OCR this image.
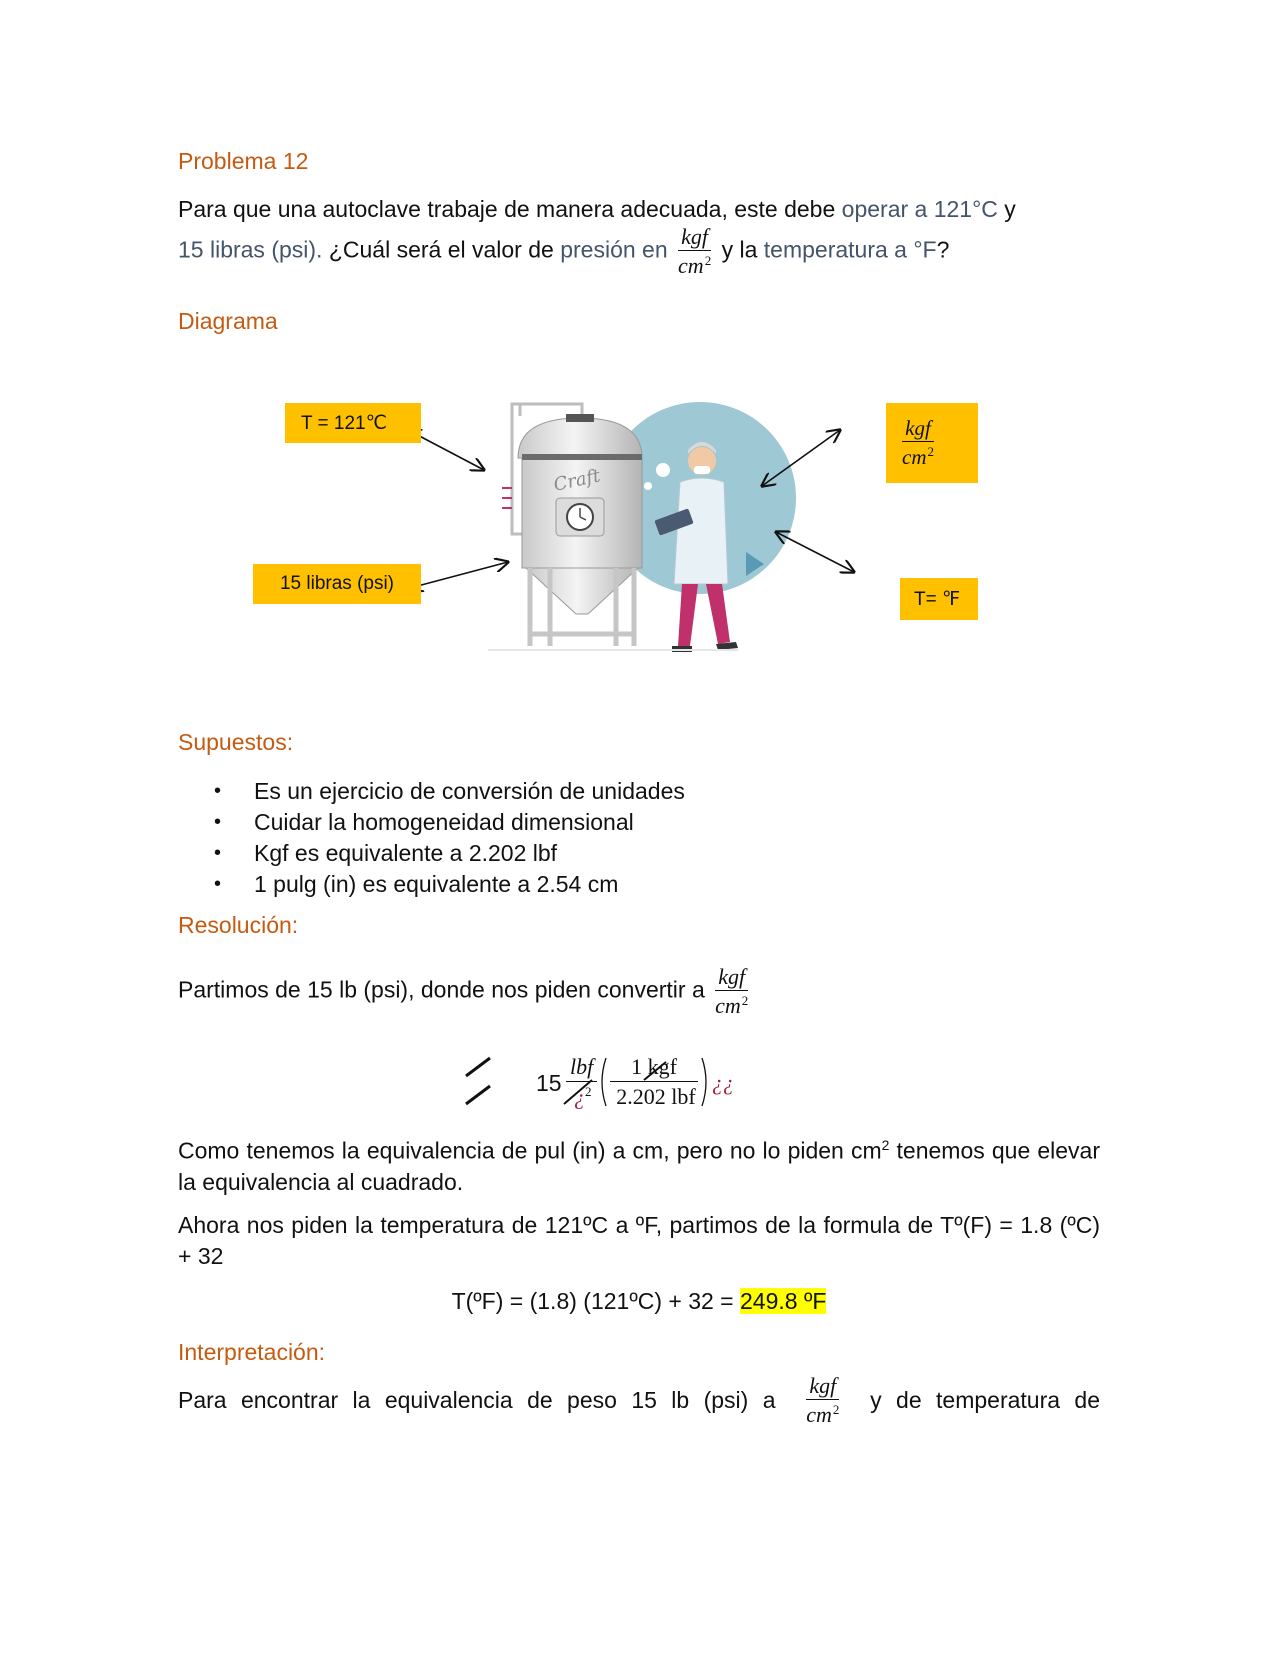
Problema 12
Para que una autoclave trabaje de manera adecuada, este debe operar a 121°C y
15 libras (psi). ¿Cuál será el valor de presión en $\frac{\text{kgf}}{cm^2}$ y la temperatura a °F?
Diagrama
Craft
T = 121℃
15 libras (psi)
$\frac{\text{kgf}}{cm^2}$
T= ℉
Supuestos:
• Es un ejercicio de conversión de unidades
• Cuidar la homogeneidad dimensional
• Kgf es equivalente a 2.202 lbf
• 1 pulg (in) es equivalente a 2.54 cm
Resolución:
Partimos de 15 lb (psi), donde nos piden convertir a $\frac{\text{kgf}}{cm^2}$
15
lbf
¿$^2$
1 kgf
2.202 lbf
¿¿
Como tenemos la equivalencia de pul (in) a cm, pero no lo piden $cm^2$ tenemos que elevar la equivalencia al cuadrado.
Ahora nos piden la temperatura de 121ºC a ºF, partimos de la formula de Tº(F) = 1.8 (ºC) + 32
T(ºF) = (1.8) (121ºC) + 32 = 249.8 ºF
Interpretación:
Para encontrar la equivalencia de peso 15 lb (psi) a $\frac{\text{kgf}}{cm^2}$ y de temperatura de
